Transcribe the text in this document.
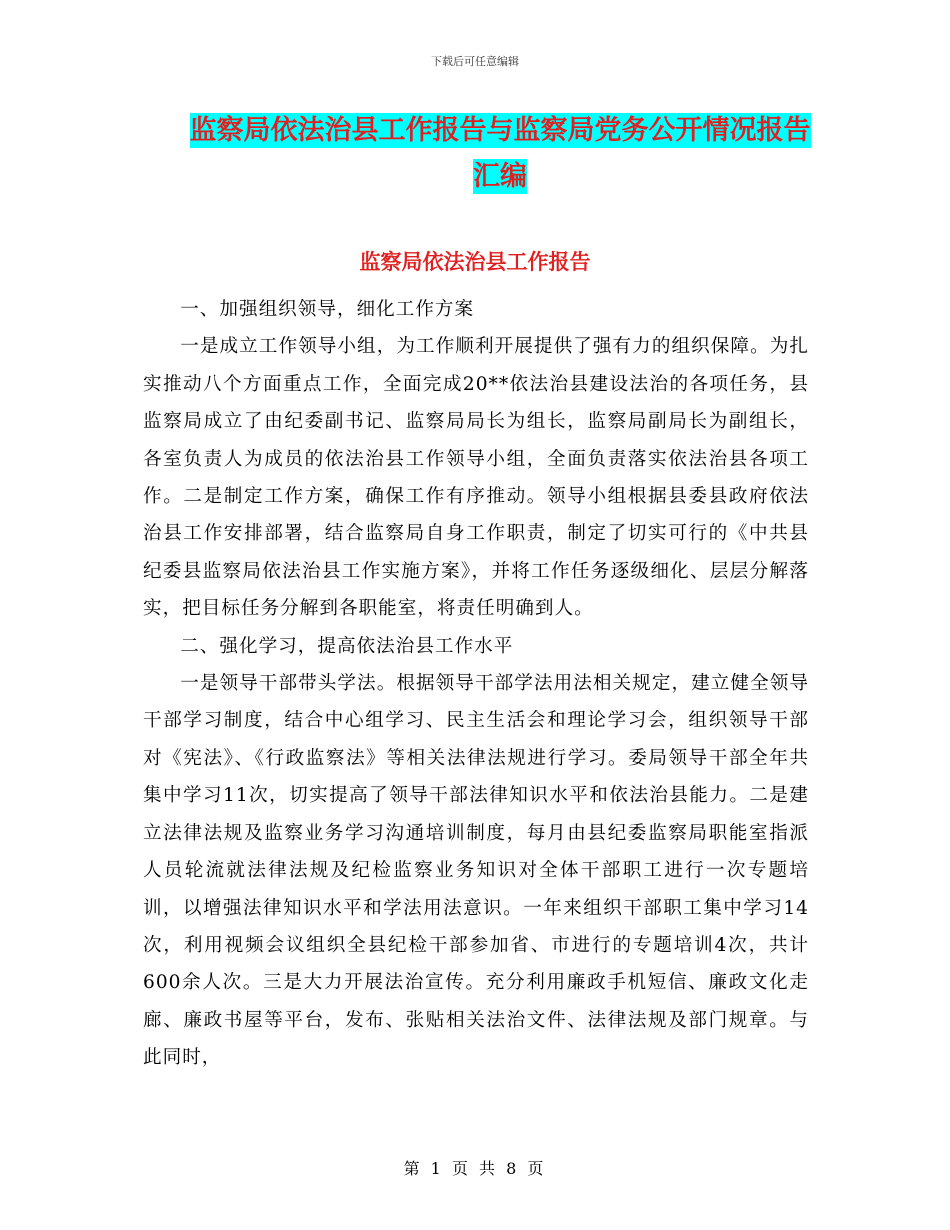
下载后可任意编辑
监察局依法治县工作报告与监察局党务公开情况报告
汇编
监察局依法治县工作报告

一、加强组织领导，细化工作方案

一是成立工作领导小组，为工作顺利开展提供了强有力的组织保障。为扎实推动八个方面重点工作，全面完成20**依法治县建设法治的各项任务，县监察局成立了由纪委副书记、监察局局长为组长，监察局副局长为副组长，各室负责人为成员的依法治县工作领导小组，全面负责落实依法治县各项工作。二是制定工作方案，确保工作有序推动。领导小组根据县委县政府依法治县工作安排部署，结合监察局自身工作职责，制定了切实可行的《中共县纪委县监察局依法治县工作实施方案》，并将工作任务逐级细化、层层分解落实，把目标任务分解到各职能室，将责任明确到人。

二、强化学习，提高依法治县工作水平

一是领导干部带头学法。根据领导干部学法用法相关规定，建立健全领导干部学习制度，结合中心组学习、民主生活会和理论学习会，组织领导干部对《宪法》、《行政监察法》等相关法律法规进行学习。委局领导干部全年共集中学习11次，切实提高了领导干部法律知识水平和依法治县能力。二是建立法律法规及监察业务学习沟通培训制度，每月由县纪委监察局职能室指派人员轮流就法律法规及纪检监察业务知识对全体干部职工进行一次专题培训，以增强法律知识水平和学法用法意识。一年来组织干部职工集中学习14次，利用视频会议组织全县纪检干部参加省、市进行的专题培训4次，共计600余人次。三是大力开展法治宣传。充分利用廉政手机短信、廉政文化走廊、廉政书屋等平台，发布、张贴相关法治文件、法律法规及部门规章。与此同时，

第 1 页 共 8 页
